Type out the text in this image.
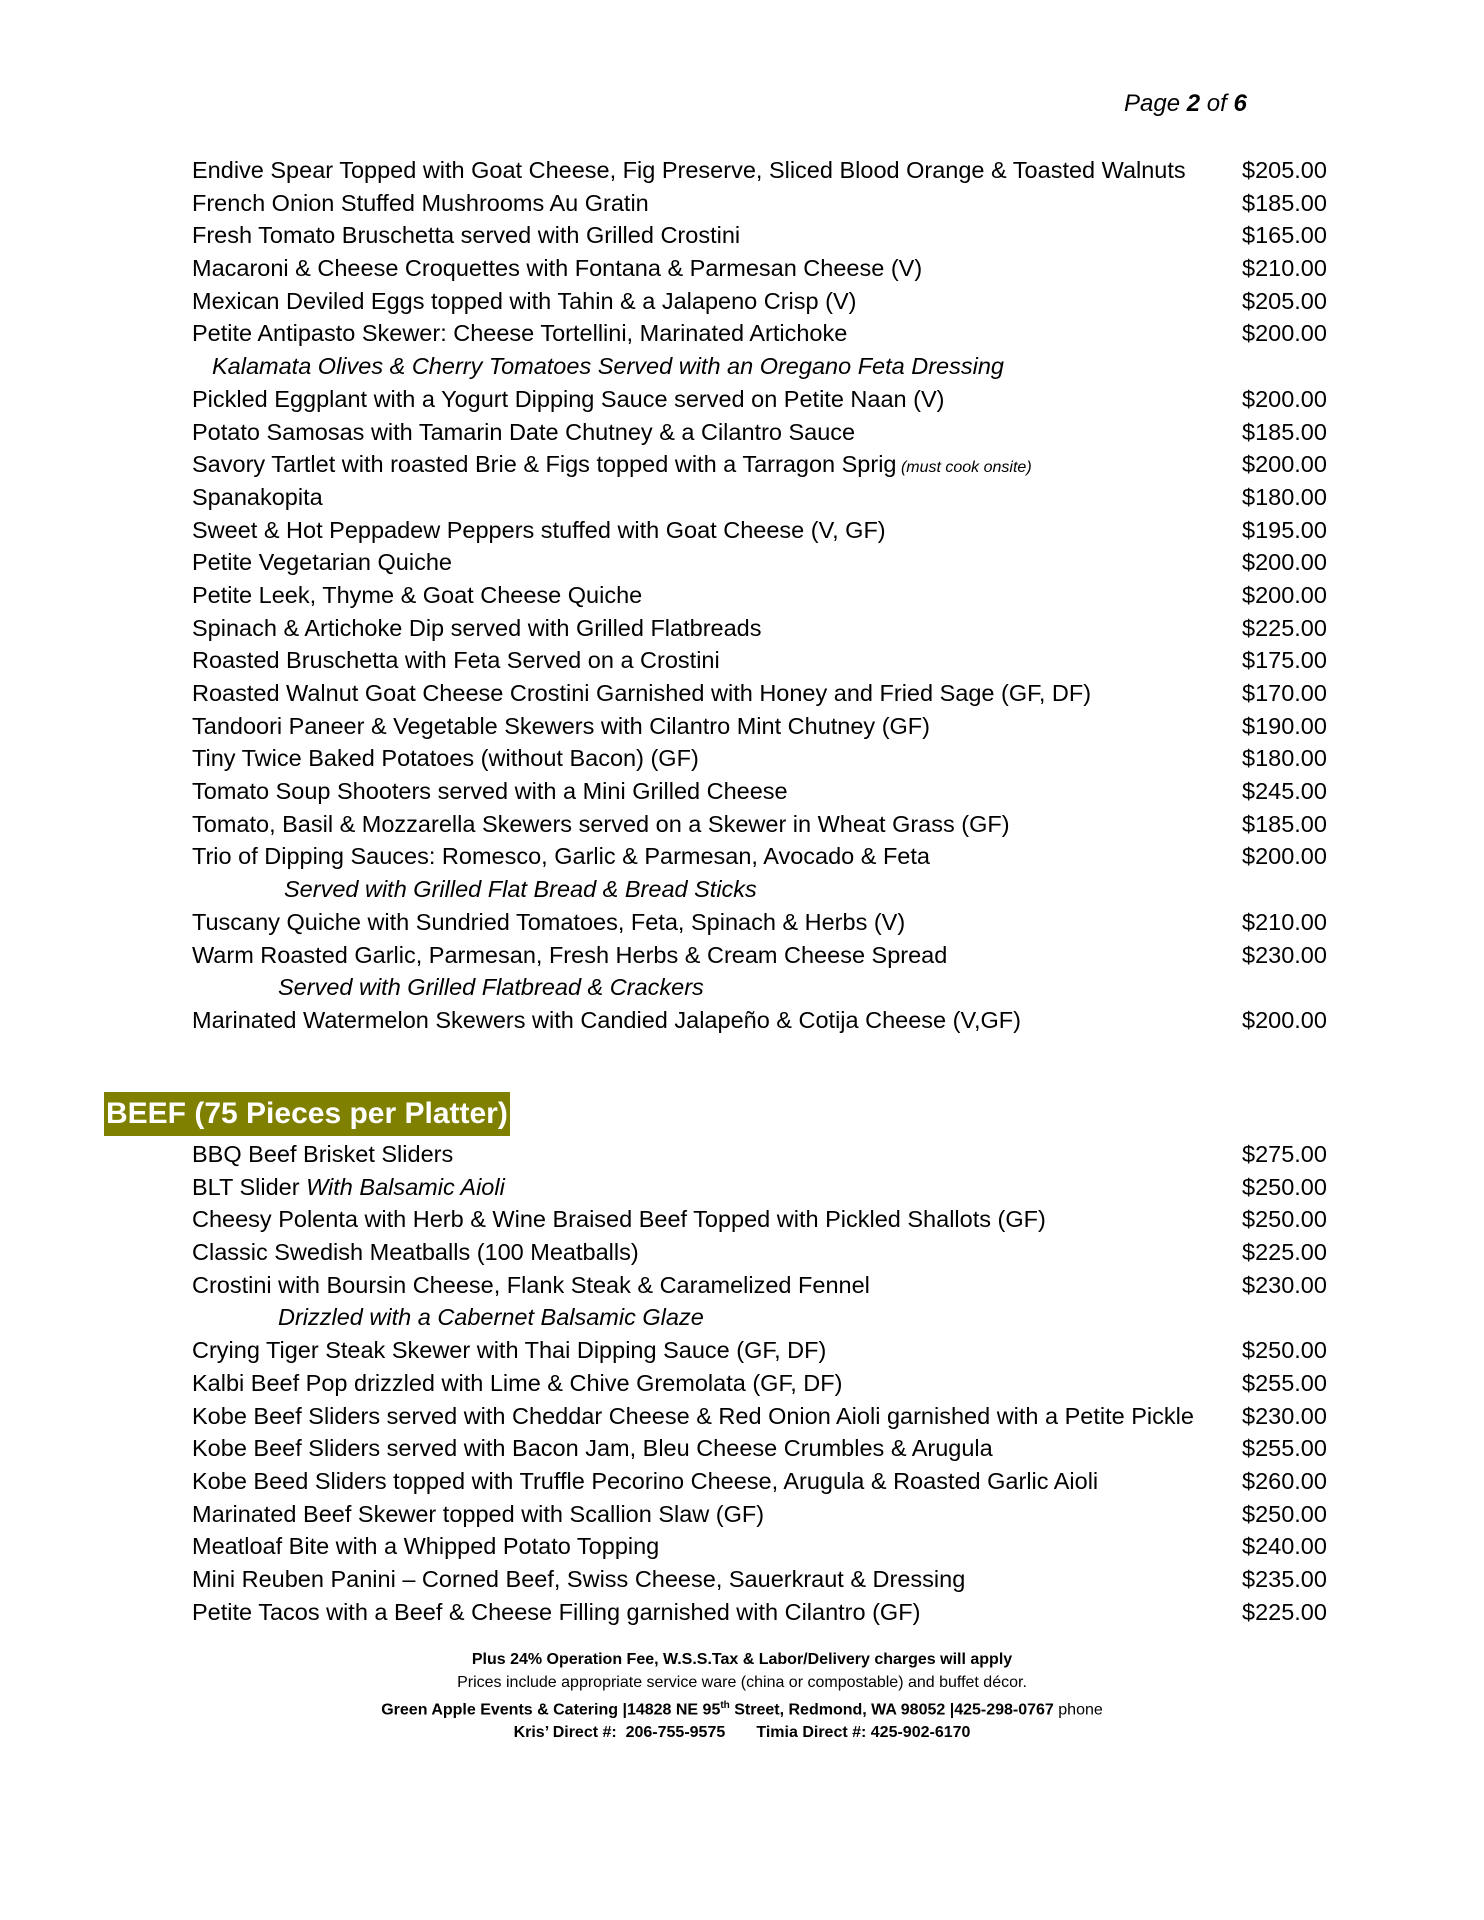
Page 2 of 6
Endive Spear Topped with Goat Cheese, Fig Preserve, Sliced Blood Orange & Toasted Walnuts $205.00
French Onion Stuffed Mushrooms Au Gratin	$185.00
Fresh Tomato Bruschetta served with Grilled Crostini	$165.00
Macaroni & Cheese Croquettes with Fontana & Parmesan Cheese (V)	$210.00
Mexican Deviled Eggs topped with Tahin & a Jalapeno Crisp (V)	$205.00
Petite Antipasto Skewer: Cheese Tortellini, Marinated Artichoke	$200.00
Kalamata Olives & Cherry Tomatoes Served with an Oregano Feta Dressing
Pickled Eggplant with a Yogurt Dipping Sauce served on Petite Naan (V)	$200.00
Potato Samosas with Tamarin Date Chutney & a Cilantro Sauce	$185.00
Savory Tartlet with roasted Brie & Figs topped with a Tarragon Sprig (must cook onsite)	$200.00
Spanakopita	$180.00
Sweet & Hot Peppadew Peppers stuffed with Goat Cheese (V, GF)	$195.00
Petite Vegetarian Quiche	$200.00
Petite Leek, Thyme & Goat Cheese Quiche	$200.00
Spinach & Artichoke Dip served with Grilled Flatbreads	$225.00
Roasted Bruschetta with Feta Served on a Crostini	$175.00
Roasted Walnut Goat Cheese Crostini Garnished with Honey and Fried Sage (GF, DF)	$170.00
Tandoori Paneer & Vegetable Skewers with Cilantro Mint Chutney (GF)	$190.00
Tiny Twice Baked Potatoes (without Bacon) (GF)	$180.00
Tomato Soup Shooters served with a Mini Grilled Cheese	$245.00
Tomato, Basil & Mozzarella Skewers served on a Skewer in Wheat Grass (GF)	$185.00
Trio of Dipping Sauces: Romesco, Garlic & Parmesan, Avocado & Feta	$200.00
Served with Grilled Flat Bread & Bread Sticks
Tuscany Quiche with Sundried Tomatoes, Feta, Spinach & Herbs (V)	$210.00
Warm Roasted Garlic, Parmesan, Fresh Herbs & Cream Cheese Spread	$230.00
Served with Grilled Flatbread & Crackers
Marinated Watermelon Skewers with Candied Jalapeño & Cotija Cheese (V,GF)	$200.00
BEEF (75 Pieces per Platter)
BBQ Beef Brisket Sliders	$275.00
BLT Slider With Balsamic Aioli	$250.00
Cheesy Polenta with Herb & Wine Braised Beef Topped with Pickled Shallots (GF)	$250.00
Classic Swedish Meatballs (100 Meatballs)	$225.00
Crostini with Boursin Cheese, Flank Steak & Caramelized Fennel	$230.00
Drizzled with a Cabernet Balsamic Glaze
Crying Tiger Steak Skewer with Thai Dipping Sauce (GF, DF)	$250.00
Kalbi Beef Pop drizzled with Lime & Chive Gremolata (GF, DF)	$255.00
Kobe Beef Sliders served with Cheddar Cheese & Red Onion Aioli garnished with a Petite Pickle $230.00
Kobe Beef Sliders served with Bacon Jam, Bleu Cheese Crumbles & Arugula	$255.00
Kobe Beed Sliders topped with Truffle Pecorino Cheese, Arugula & Roasted Garlic Aioli	$260.00
Marinated Beef Skewer topped with Scallion Slaw (GF)	$250.00
Meatloaf Bite with a Whipped Potato Topping	$240.00
Mini Reuben Panini – Corned Beef, Swiss Cheese, Sauerkraut & Dressing	$235.00
Petite Tacos with a Beef & Cheese Filling garnished with Cilantro (GF)	$225.00
Plus 24% Operation Fee, W.S.S.Tax & Labor/Delivery charges will apply
Prices include appropriate service ware (china or compostable) and buffet décor.
Green Apple Events & Catering |14828 NE 95th Street, Redmond, WA 98052 |425-298-0767 phone
Kris’ Direct #:  206-755-9575       Timia Direct #: 425-902-6170
